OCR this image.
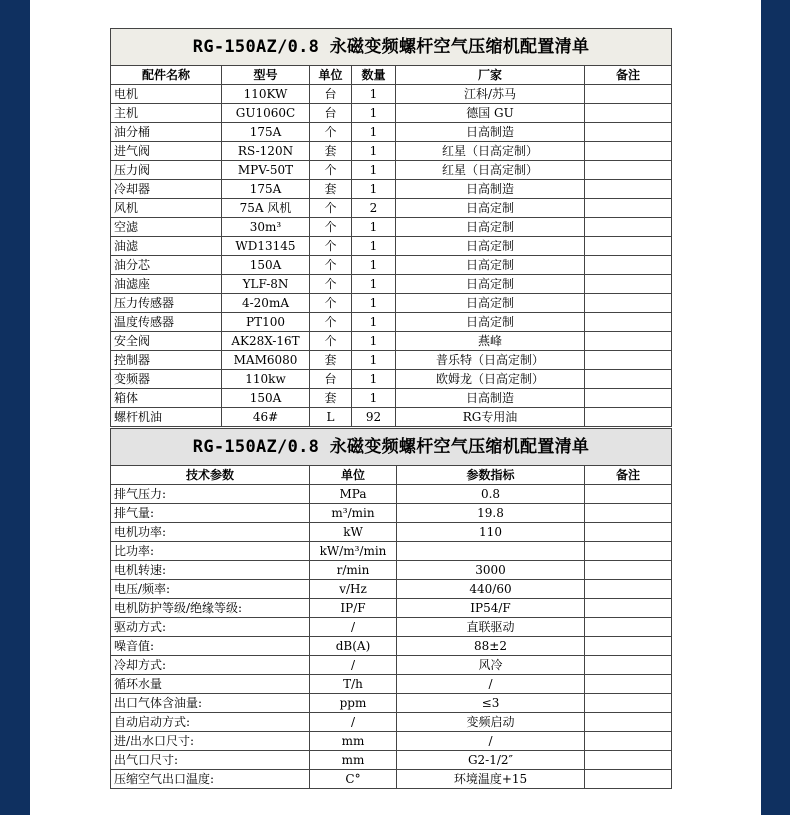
RG-150AZ/0.8 永磁变频螺杆空气压缩机配置清单					
配件名称	型号	单位	数量	厂家	备注
电机	110KW	台	1	江科/苏马	
主机	GU1060C	台	1	德国 GU	
油分桶	175A	个	1	日高制造	
进气阀	RS-120N	套	1	红星（日高定制）	
压力阀	MPV-50T	个	1	红星（日高定制）	
冷却器	175A	套	1	日高制造	
风机	75A 风机	个	2	日高定制	
空滤	30m³	个	1	日高定制	
油滤	WD13145	个	1	日高定制	
油分芯	150A	个	1	日高定制	
油滤座	YLF-8N	个	1	日高定制	
压力传感器	4-20mA	个	1	日高定制	
温度传感器	PT100	个	1	日高定制	
安全阀	AK28X-16T	个	1	燕峰	
控制器	MAM6080	套	1	普乐特（日高定制）	
变频器	110kw	台	1	欧姆龙（日高定制）	
箱体	150A	套	1	日高制造	
螺杆机油	46#	L	92	RG专用油	
RG-150AZ/0.8 永磁变频螺杆空气压缩机配置清单			
技术参数	单位	参数指标	备注
排气压力:	MPa	0.8	
排气量:	m³/min	19.8	
电机功率:	kW	110	
比功率:	kW/m³/min		
电机转速:	r/min	3000	
电压/频率:	v/Hz	440/60	
电机防护等级/绝缘等级:	IP/F	IP54/F	
驱动方式:	/	直联驱动	
噪音值:	dB(A)	88±2	
冷却方式:	/	风冷	
循环水量	T/h	/	
出口气体含油量:	ppm	≤3	
自动启动方式:	/	变频启动	
进/出水口尺寸:	mm	/	
出气口尺寸:	mm	G2-1/2″	
压缩空气出口温度:	C°	环境温度+15	
